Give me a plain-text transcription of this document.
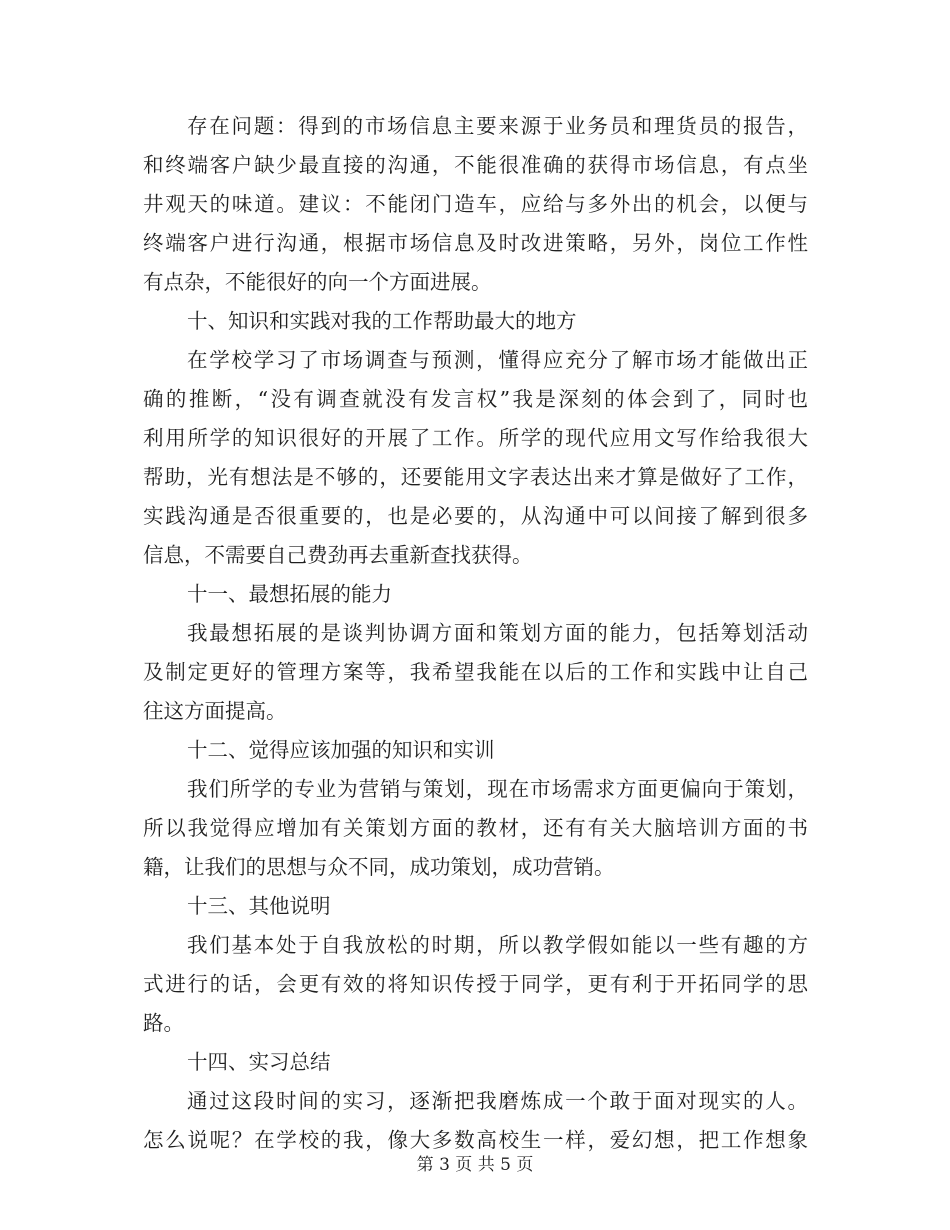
存在问题：得到的市场信息主要来源于业务员和理货员的报告，
和终端客户缺少最直接的沟通，不能很准确的获得市场信息，有点坐
井观天的味道。建议：不能闭门造车，应给与多外出的机会，以便与
终端客户进行沟通，根据市场信息及时改进策略，另外，岗位工作性
有点杂，不能很好的向一个方面进展。
十、知识和实践对我的工作帮助最大的地方
在学校学习了市场调查与预测，懂得应充分了解市场才能做出正
确的推断，“没有调查就没有发言权”我是深刻的体会到了，同时也
利用所学的知识很好的开展了工作。所学的现代应用文写作给我很大
帮助，光有想法是不够的，还要能用文字表达出来才算是做好了工作，
实践沟通是否很重要的，也是必要的，从沟通中可以间接了解到很多
信息，不需要自己费劲再去重新查找获得。
十一、最想拓展的能力
我最想拓展的是谈判协调方面和策划方面的能力，包括筹划活动
及制定更好的管理方案等，我希望我能在以后的工作和实践中让自己
往这方面提高。
十二、觉得应该加强的知识和实训
我们所学的专业为营销与策划，现在市场需求方面更偏向于策划，
所以我觉得应增加有关策划方面的教材，还有有关大脑培训方面的书
籍，让我们的思想与众不同，成功策划，成功营销。
十三、其他说明
我们基本处于自我放松的时期，所以教学假如能以一些有趣的方
式进行的话，会更有效的将知识传授于同学，更有利于开拓同学的思
路。
十四、实习总结
通过这段时间的实习，逐渐把我磨炼成一个敢于面对现实的人。
怎么说呢？在学校的我，像大多数高校生一样，爱幻想，把工作想象
第 3 页 共 5 页
